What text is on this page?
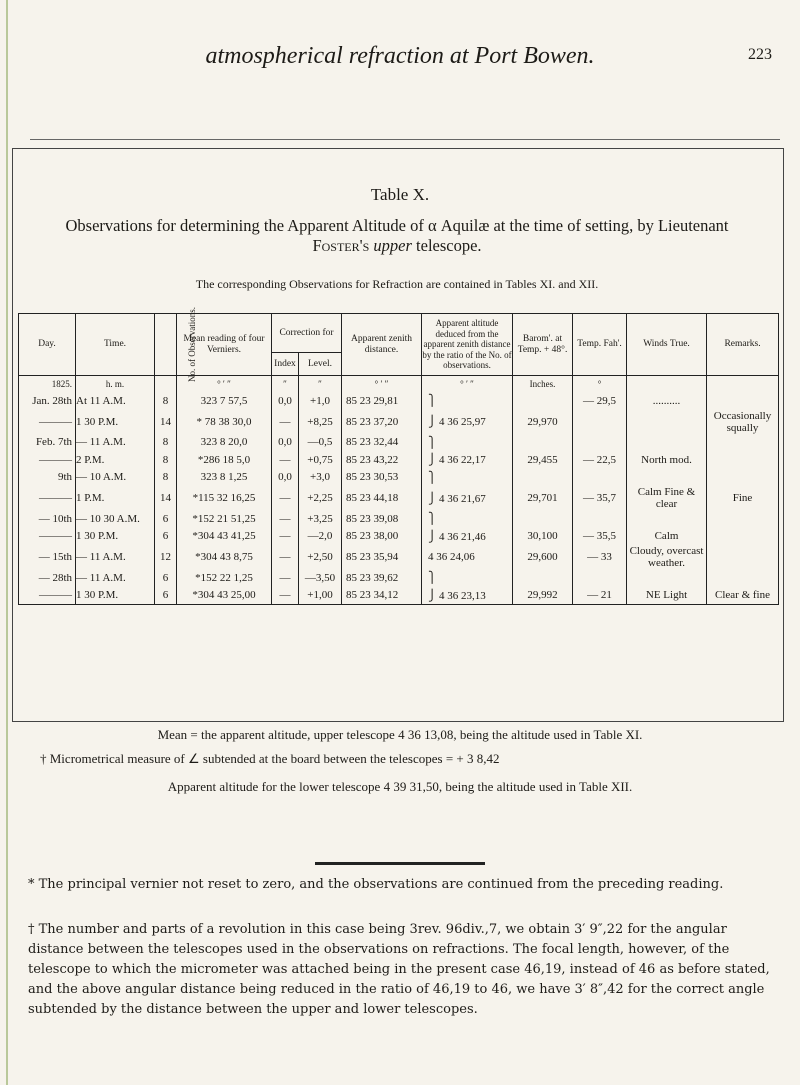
atmospherical refraction at Port Bowen.	223
Table X.
Observations for determining the Apparent Altitude of α Aquilæ at the time of setting, by Lieutenant
Foster's upper telescope.
The corresponding Observations for Refraction are contained in Tables XI. and XII.
Day.	Time.	No. of Observations.	Mean reading of four Verniers.	Correction for		Apparent zenith distance.	Apparent altitude deduced from the apparent zenith distance by the ratio of the No. of observations.	Barom'. at Temp. + 48°.	Temp. Fah'.	Winds True.	Remarks.
				Index	Level.						
1825.	h. m.		° ′ ″	″	″	° ′ ″	° ′ ″	Inches.	°		
Jan. 28th	At 11 A.M.	8	323 7 57,5	0,0	+1,0	85 23 29,81	⎫		— 29,5	..........	
———	1 30 P.M.	14	* 78 38 30,0	—	+8,25	85 23 37,20	⎭ 4 36 25,97	29,970			Occasionally squally
Feb. 7th	— 11 A.M.	8	323 8 20,0	0,0	—0,5	85 23 32,44	⎫				
———	2 P.M.	8	*286 18 5,0	—	+0,75	85 23 43,22	⎭ 4 36 22,17	29,455	— 22,5	North mod.	
9th	— 10 A.M.	8	323 8 1,25	0,0	+3,0	85 23 30,53	⎫				
———	1 P.M.	14	*115 32 16,25	—	+2,25	85 23 44,18	⎭ 4 36 21,67	29,701	— 35,7	Calm Fine & clear	Fine
— 10th	— 10 30 A.M.	6	*152 21 51,25	—	+3,25	85 23 39,08	⎫				
———	1 30 P.M.	6	*304 43 41,25	—	—2,0	85 23 38,00	⎭ 4 36 21,46	30,100	— 35,5	Calm	
— 15th	— 11 A.M.	12	*304 43 8,75	—	+2,50	85 23 35,94	4 36 24,06	29,600	— 33	Cloudy, overcast weather.	
— 28th	— 11 A.M.	6	*152 22 1,25	—	—3,50	85 23 39,62	⎫				
———	1 30 P.M.	6	*304 43 25,00	—	+1,00	85 23 34,12	⎭ 4 36 23,13	29,992	— 21	NE Light	Clear & fine
Mean = the apparent altitude, upper telescope 4 36 13,08, being the altitude used in Table XI.
† Micrometrical measure of ∠ subtended at the board between the telescopes = + 3 8,42
Apparent altitude for the lower telescope 4 39 31,50, being the altitude used in Table XII.
* The principal vernier not reset to zero, and the observations are continued from the preceding reading.
† The number and parts of a revolution in this case being 3rev. 96div.,7, we obtain 3′ 9″,22 for the angular distance between the telescopes used in the observations on refractions. The focal length, however, of the telescope to which the micrometer was attached being in the present case 46,19, instead of 46 as before stated, and the above angular distance being reduced in the ratio of 46,19 to 46, we have 3′ 8″,42 for the correct angle subtended by the distance between the upper and lower telescopes.
